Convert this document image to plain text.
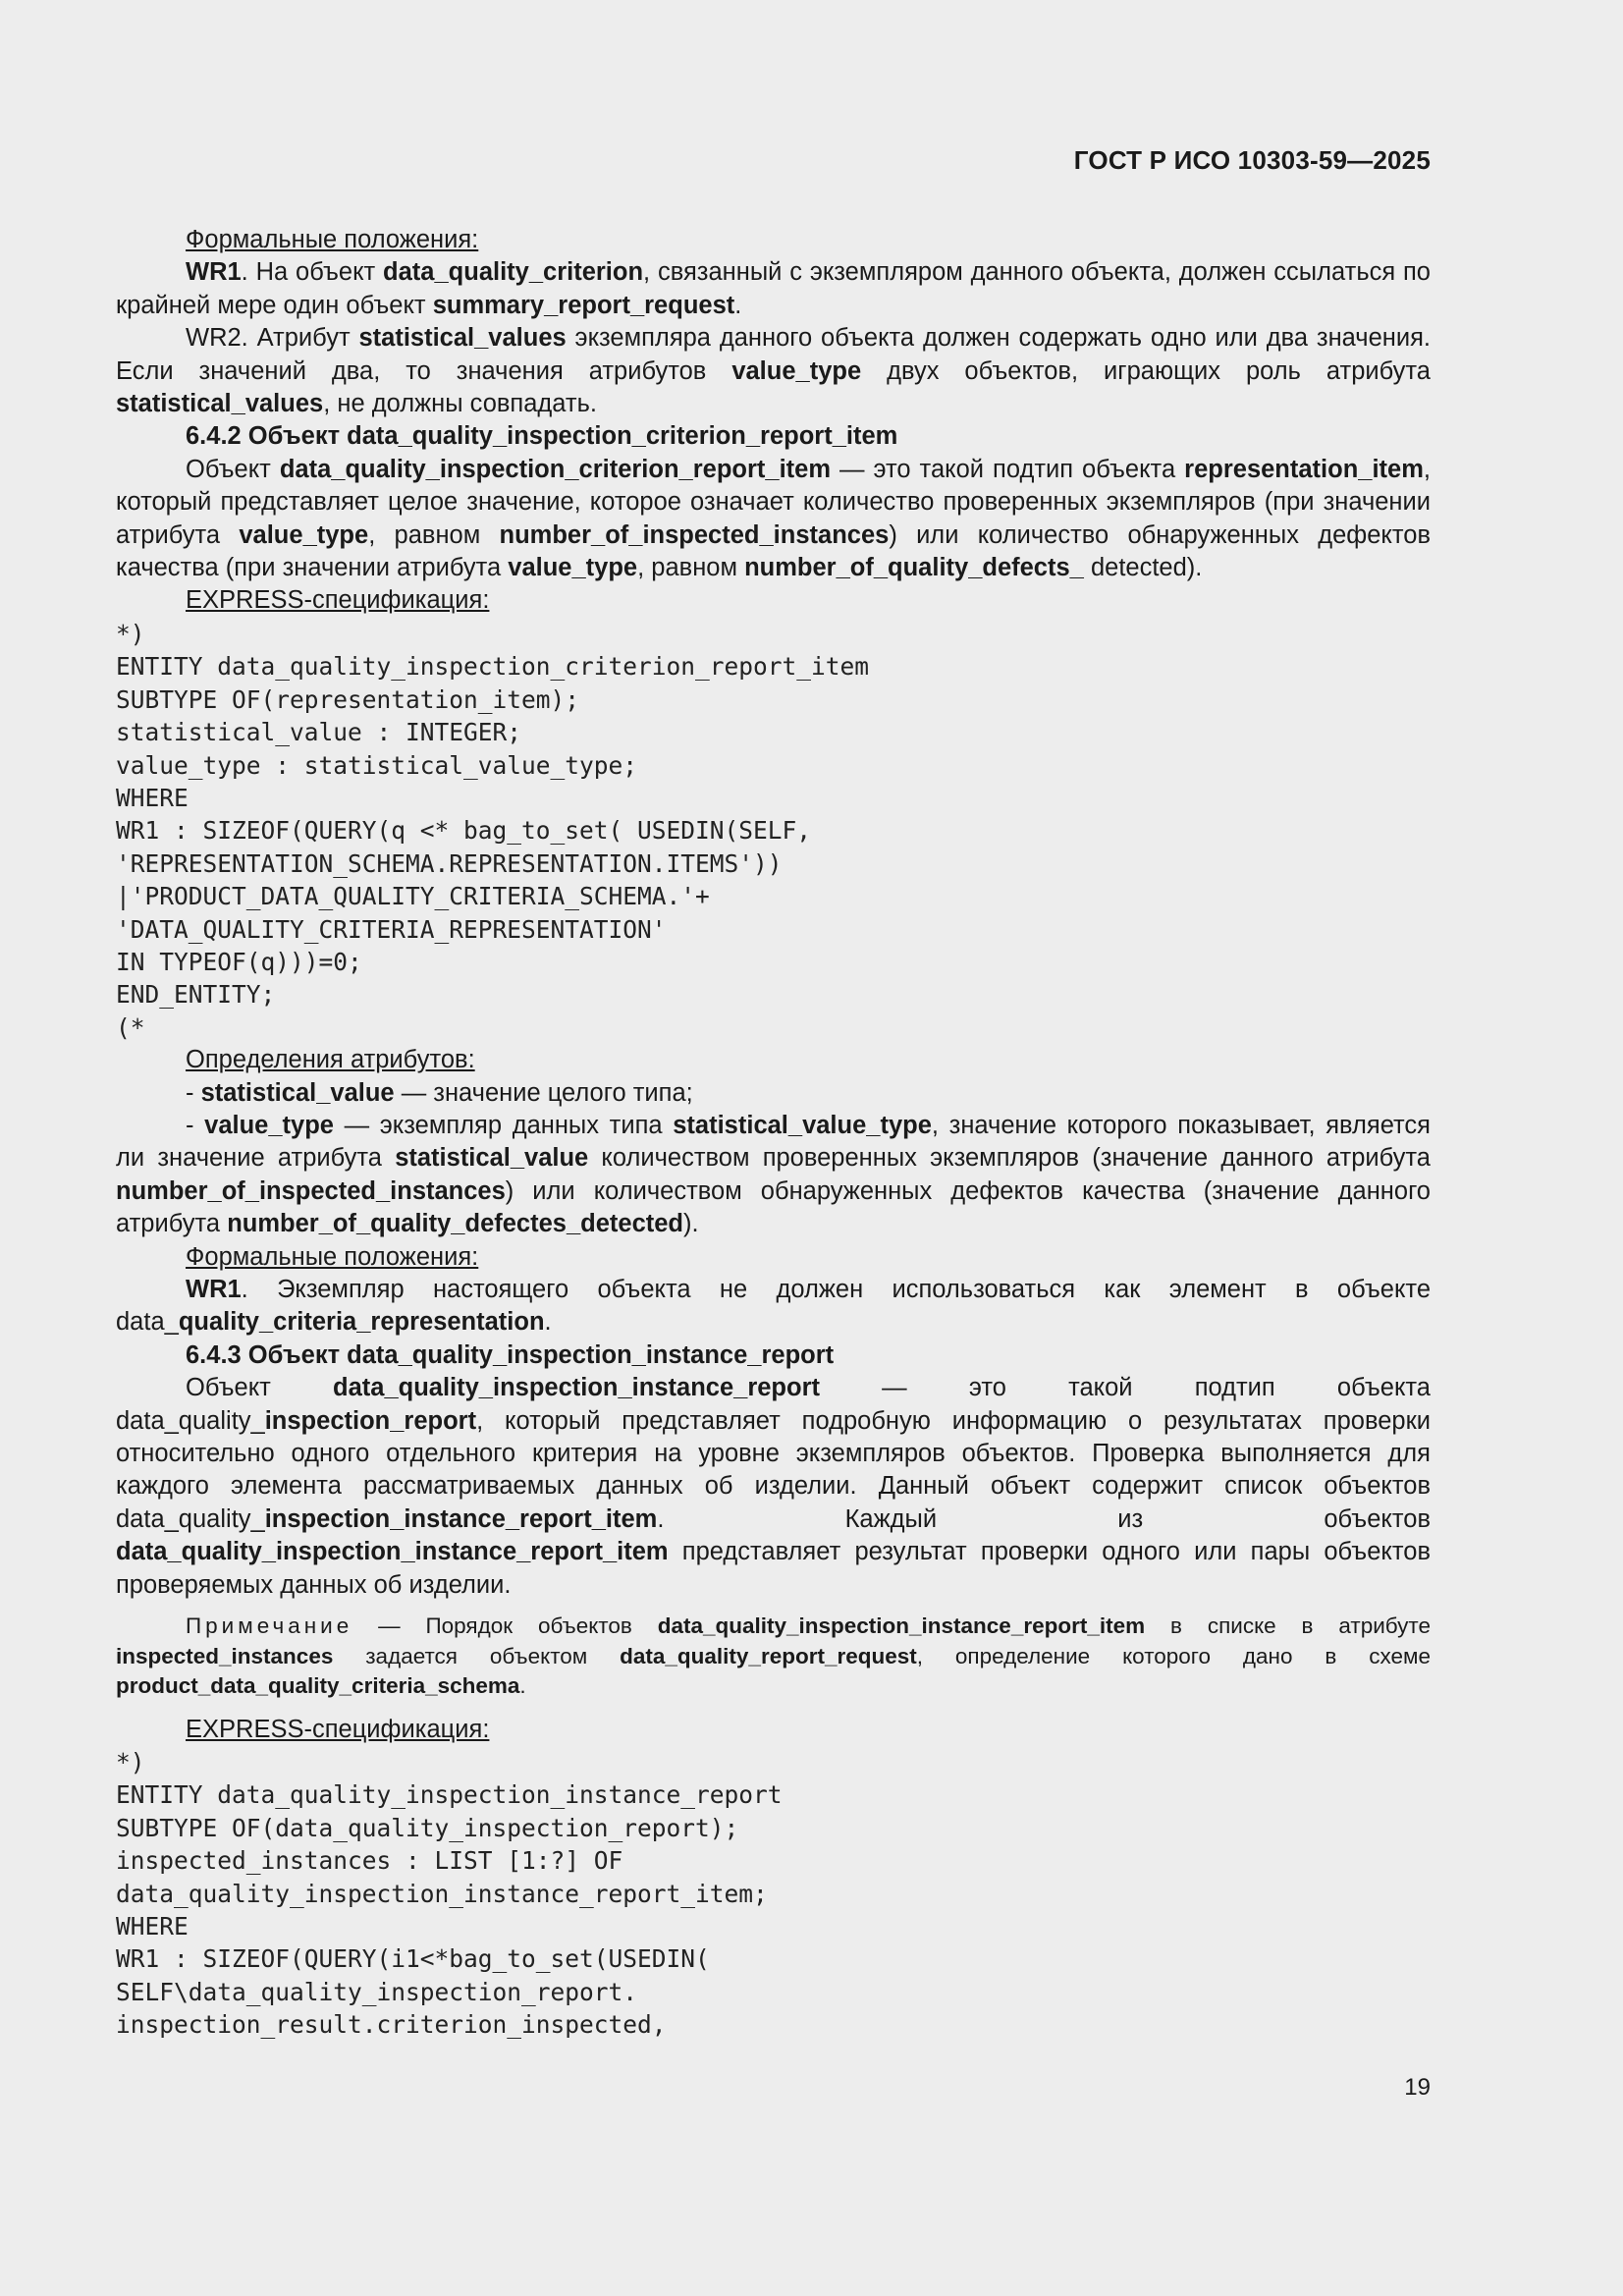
ГОСТ Р ИСО 10303-59—2025

Формальные положения:

WR1. На объект data_quality_criterion, связанный с экземпляром данного объекта, должен ссылаться по крайней мере один объект summary_report_request.

WR2. Атрибут statistical_values экземпляра данного объекта должен содержать одно или два значения. Если значений два, то значения атрибутов value_type двух объектов, играющих роль атрибута statistical_values, не должны совпадать.

6.4.2 Объект data_quality_inspection_criterion_report_item

Объект data_quality_inspection_criterion_report_item — это такой подтип объекта representation_item, который представляет целое значение, которое означает количество проверенных экземпляров (при значении атрибута value_type, равном number_of_inspected_instances) или количество обнаруженных дефектов качества (при значении атрибута value_type, равном number_of_quality_defects_ detected).

EXPRESS-спецификация:

*)
ENTITY data_quality_inspection_criterion_report_item
SUBTYPE OF(representation_item);
statistical_value : INTEGER;
value_type : statistical_value_type;
WHERE
WR1 : SIZEOF(QUERY(q <* bag_to_set( USEDIN(SELF,
'REPRESENTATION_SCHEMA.REPRESENTATION.ITEMS'))
|'PRODUCT_DATA_QUALITY_CRITERIA_SCHEMA.'+
'DATA_QUALITY_CRITERIA_REPRESENTATION'
IN TYPEOF(q)))=0;
END_ENTITY;
(*

Определения атрибутов:

- statistical_value — значение целого типа;

- value_type — экземпляр данных типа statistical_value_type, значение которого показывает, является ли значение атрибута statistical_value количеством проверенных экземпляров (значение данного атрибута number_of_inspected_instances) или количеством обнаруженных дефектов качества (значение данного атрибута number_of_quality_defectes_detected).

Формальные положения:

WR1. Экземпляр настоящего объекта не должен использоваться как элемент в объекте data_quality_criteria_representation.

6.4.3 Объект data_quality_inspection_instance_report

Объект data_quality_inspection_instance_report — это такой подтип объекта data_quality_inspection_report, который представляет подробную информацию о результатах проверки относительно одного отдельного критерия на уровне экземпляров объектов. Проверка выполняется для каждого элемента рассматриваемых данных об изделии. Данный объект содержит список объектов data_quality_inspection_instance_report_item. Каждый из объектов data_quality_inspection_instance_report_item представляет результат проверки одного или пары объектов проверяемых данных об изделии.

Примечание — Порядок объектов data_quality_inspection_instance_report_item в списке в атрибуте inspected_instances задается объектом data_quality_report_request, определение которого дано в схеме product_data_quality_criteria_schema.

EXPRESS-спецификация:

*)
ENTITY data_quality_inspection_instance_report
SUBTYPE OF(data_quality_inspection_report);
inspected_instances : LIST [1:?] OF
data_quality_inspection_instance_report_item;
WHERE
WR1 : SIZEOF(QUERY(i1<*bag_to_set(USEDIN(
SELF\data_quality_inspection_report.
inspection_result.criterion_inspected,
19
